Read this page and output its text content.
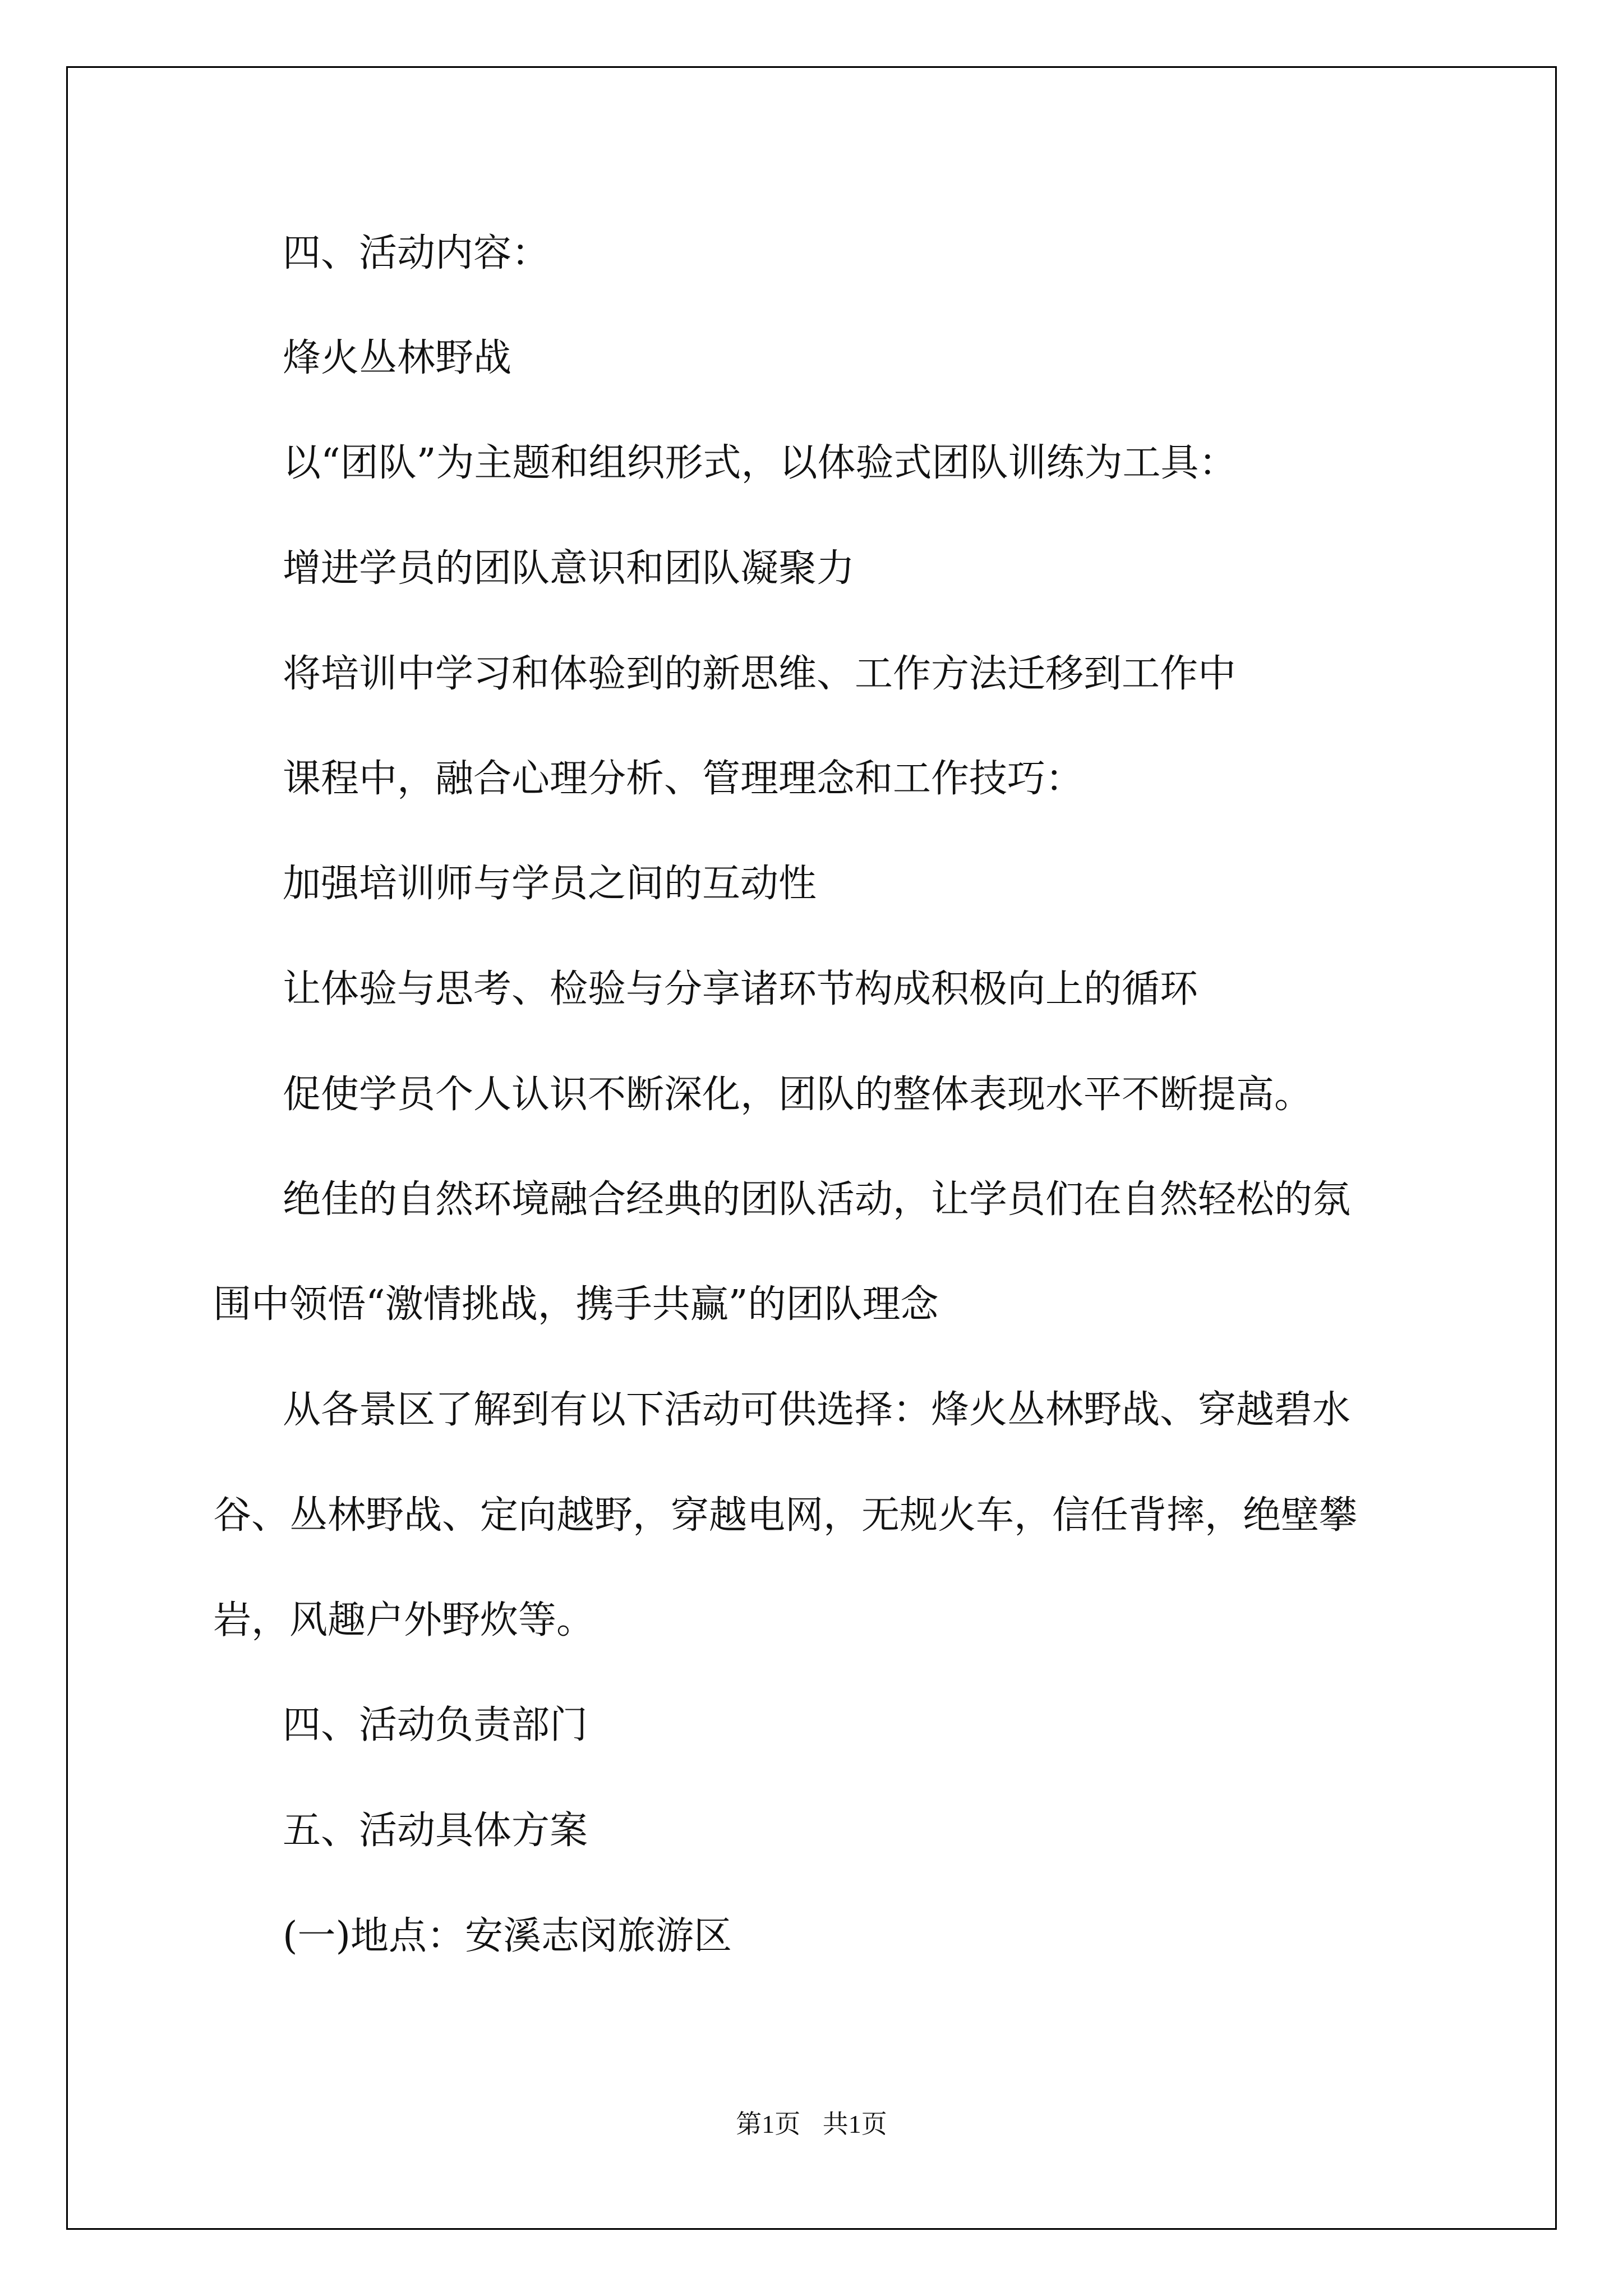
四、活动内容：
烽火丛林野战
以“团队”为主题和组织形式，以体验式团队训练为工具：
增进学员的团队意识和团队凝聚力
将培训中学习和体验到的新思维、工作方法迁移到工作中
课程中，融合心理分析、管理理念和工作技巧：
加强培训师与学员之间的互动性
让体验与思考、检验与分享诸环节构成积极向上的循环
促使学员个人认识不断深化，团队的整体表现水平不断提高。
绝佳的自然环境融合经典的团队活动，让学员们在自然轻松的氛
围中领悟“激情挑战，携手共赢”的团队理念
从各景区了解到有以下活动可供选择：烽火丛林野战、穿越碧水
谷、丛林野战、定向越野，穿越电网，无规火车，信任背摔，绝壁攀
岩，风趣户外野炊等。
四、活动负责部门
五、活动具体方案
(一)地点：安溪志闵旅游区
第1页 共1页
